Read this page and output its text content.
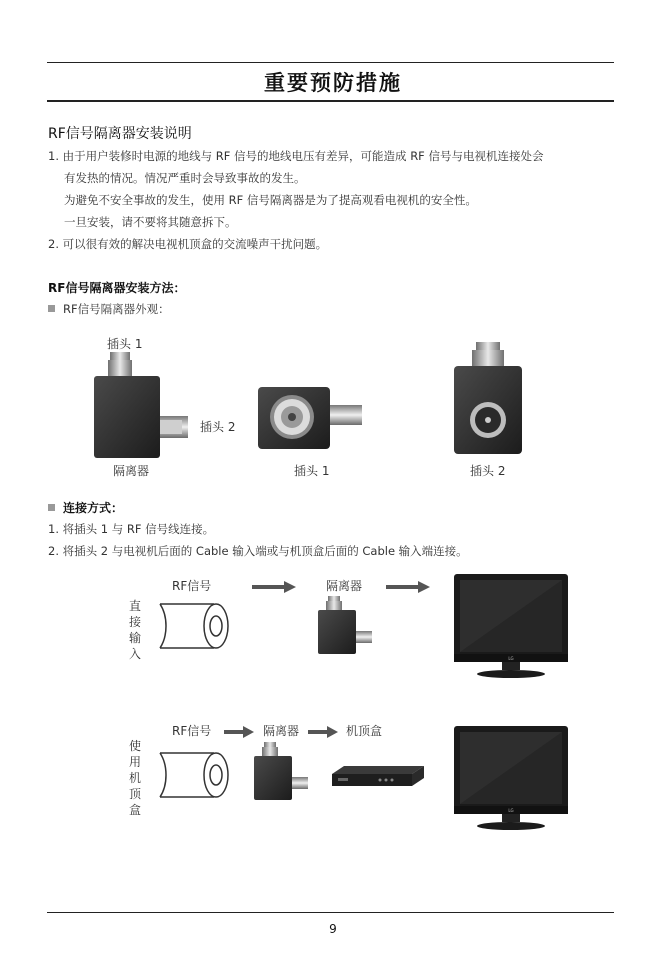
重要预防措施
RF信号隔离器安装说明
1. 由于用户装修时电源的地线与 RF 信号的地线电压有差异，可能造成 RF 信号与电视机连接处会
有发热的情况。情况严重时会导致事故的发生。
为避免不安全事故的发生，使用 RF 信号隔离器是为了提高观看电视机的安全性。
一旦安装，请不要将其随意拆下。
2. 可以很有效的解决电视机顶盒的交流噪声干扰问题。
RF信号隔离器安装方法：
RF信号隔离器外观：
插头 1
插头 2
隔离器	插头 1	插头 2
连接方式：
1. 将插头 1 与 RF 信号线连接。
2. 将插头 2 与电视机后面的 Cable 输入端或与机顶盒后面的 Cable 输入端连接。
直
接
输
入
RF信号	隔离器
LG
使
用
机
顶
盒
RF信号	隔离器	机顶盒
LG
9
